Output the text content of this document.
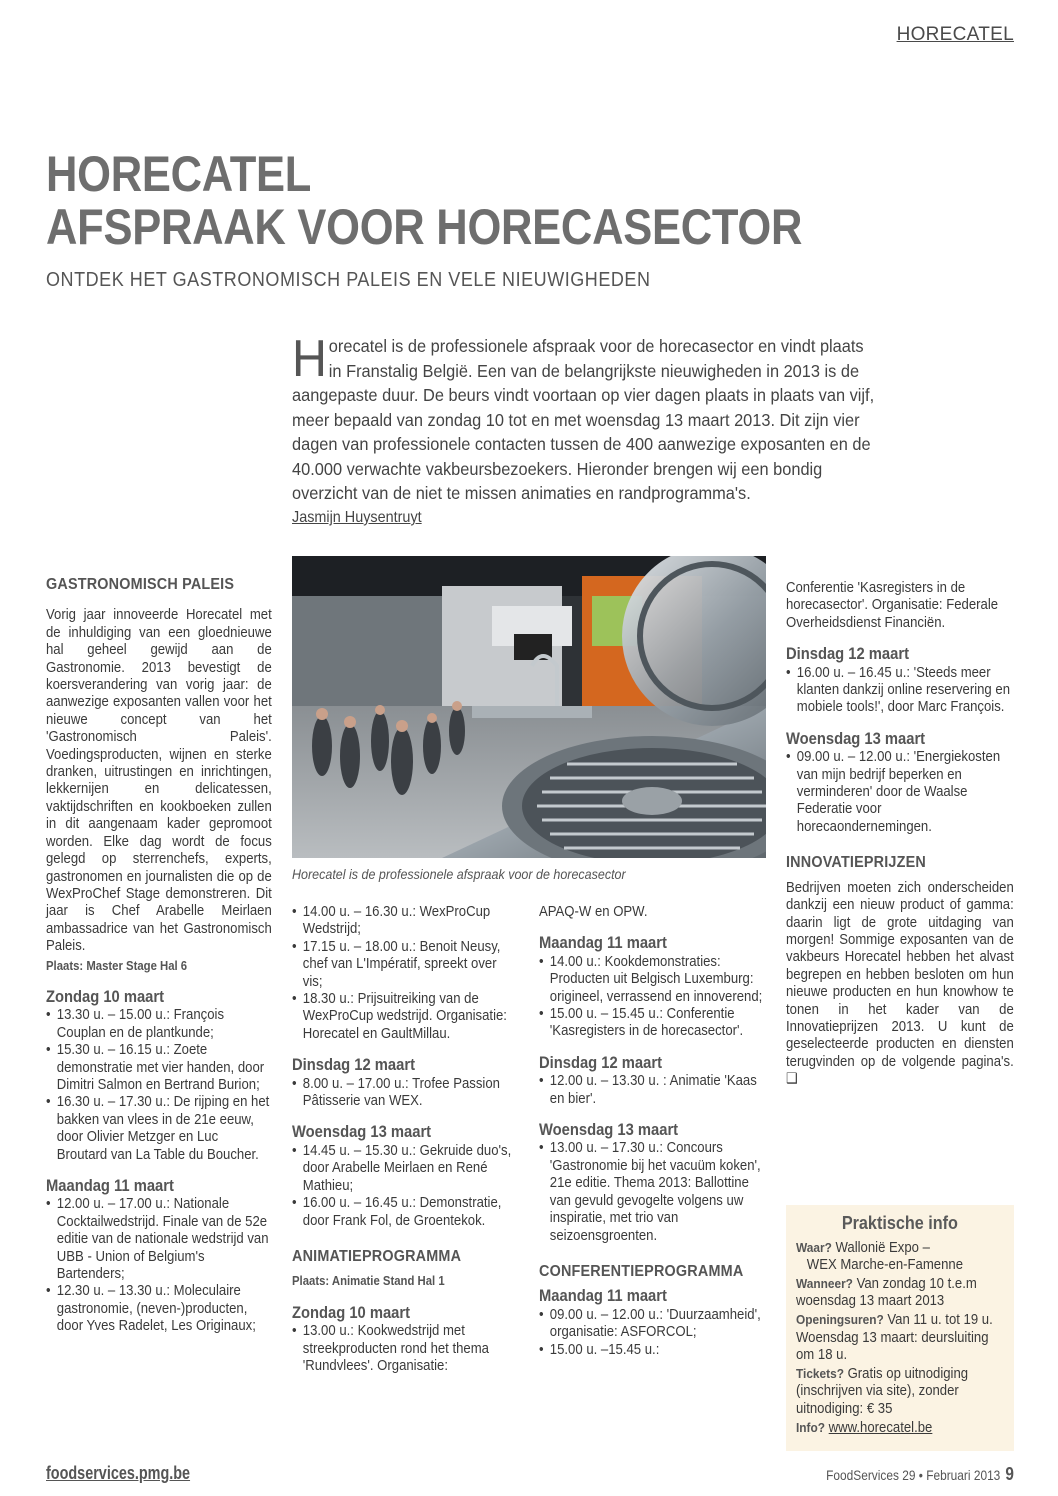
HORECATEL
HORECATEL
AFSPRAAK VOOR HORECASECTOR
ONTDEK HET GASTRONOMISCH PALEIS EN VELE NIEUWIGHEDEN

Horecatel is de professionele afspraak voor de horecasector en vindt plaats in Franstalig België. Een van de belangrijkste nieuwigheden in 2013 is de aangepaste duur. De beurs vindt voortaan op vier dagen plaats in plaats van vijf, meer bepaald van zondag 10 tot en met woensdag 13 maart 2013. Dit zijn vier dagen van professionele contacten tussen de 400 aanwezige exposanten en de 40.000 verwachte vakbeursbezoekers. Hieronder brengen wij een bondig overzicht van de niet te missen animaties en randprogramma's.

Jasmijn Huysentruyt
GASTRONOMISCH PALEIS

Vorig jaar innoveerde Horecatel met de inhuldiging van een gloednieuwe hal geheel gewijd aan de Gastronomie. 2013 bevestigt de koersverandering van vorig jaar: de aanwezige exposanten vallen voor het nieuwe concept van het 'Gastronomisch Paleis'. Voedingsproducten, wijnen en sterke dranken, uitrustingen en inrichtingen, lekkernijen en delicatessen, vaktijdschriften en kookboeken zullen in dit aangenaam kader gepromoot worden. Elke dag wordt de focus gelegd op sterrenchefs, experts, gastronomen en journalisten die op de WexProChef Stage demonstreren. Dit jaar is Chef Arabelle Meirlaen ambassadrice van het Gastronomisch Paleis.

Plaats: Master Stage Hal 6

Zondag 10 maart
• 13.30 u. – 15.00 u.: François Couplan en de plantkunde;
• 15.30 u. – 16.15 u.: Zoete demonstratie met vier handen, door Dimitri Salmon en Bertrand Burion;
• 16.30 u. – 17.30 u.: De rijping en het bakken van vlees in de 21e eeuw, door Olivier Metzger en Luc Broutard van La Table du Boucher.
Maandag 11 maart
• 12.00 u. – 17.00 u.: Nationale Cocktailwedstrijd. Finale van de 52e editie van de nationale wedstrijd van UBB - Union of Belgium's Bartenders;
• 12.30 u. – 13.30 u.: Moleculaire gastronomie, (neven-)producten, door Yves Radelet, Les Originaux;
Horecatel is de professionele afspraak voor de horecasector
• 14.00 u. – 16.30 u.: WexProCup Wedstrijd;
• 17.15 u. – 18.00 u.: Benoit Neusy, chef van L'Impératif, spreekt over vis;
• 18.30 u.: Prijsuitreiking van de WexProCup wedstrijd. Organisatie: Horecatel en GaultMillau.
Dinsdag 12 maart
• 8.00 u. – 17.00 u.: Trofee Passion Pâtisserie van WEX.
Woensdag 13 maart
• 14.45 u. – 15.30 u.: Gekruide duo's, door Arabelle Meirlaen en René Mathieu;
• 16.00 u. – 16.45 u.: Demonstratie, door Frank Fol, de Groentekok.
ANIMATIEPROGRAMMA

Plaats: Animatie Stand Hal 1

Zondag 10 maart
• 13.00 u.: Kookwedstrijd met streekproducten rond het thema 'Rundvlees'. Organisatie:

APAQ-W en OPW.

Maandag 11 maart
• 14.00 u.: Kookdemonstraties: Producten uit Belgisch Luxemburg: origineel, verrassend en innoverend;
• 15.00 u. – 15.45 u.: Conferentie 'Kasregisters in de horecasector'.
Dinsdag 12 maart
• 12.00 u. – 13.30 u. : Animatie 'Kaas en bier'.
Woensdag 13 maart
• 13.00 u. – 17.30 u.: Concours 'Gastronomie bij het vacuüm koken', 21e editie. Thema 2013: Ballottine van gevuld gevogelte volgens uw inspiratie, met trio van seizoensgroenten.
CONFERENTIEPROGRAMMA
Maandag 11 maart
• 09.00 u. – 12.00 u.: 'Duurzaamheid', organisatie: ASFORCOL;
• 15.00 u. –15.45 u.:

Conferentie 'Kasregisters in de horecasector'. Organisatie: Federale Overheidsdienst Financiën.

Dinsdag 12 maart
• 16.00 u. – 16.45 u.: 'Steeds meer klanten dankzij online reservering en mobiele tools!', door Marc François.
Woensdag 13 maart
• 09.00 u. – 12.00 u.: 'Energiekosten van mijn bedrijf beperken en verminderen' door de Waalse Federatie voor horecaondernemingen.
INNOVATIEPRIJZEN

Bedrijven moeten zich onderscheiden dankzij een nieuw product of gamma: daarin ligt de grote uitdaging van morgen! Sommige exposanten van de vakbeurs Horecatel hebben het alvast begrepen en hebben besloten om hun nieuwe producten en hun knowhow te tonen in het kader van de Innovatieprijzen 2013. U kunt de geselecteerde producten en diensten terugvinden op de volgende pagina's. ❑

Praktische info

Waar? Wallonië Expo –

WEX Marche-en-Famenne

Wanneer? Van zondag 10 t.e.m woensdag 13 maart 2013

Openingsuren? Van 11 u. tot 19 u. Woensdag 13 maart: deursluiting om 18 u.

Tickets? Gratis op uitnodiging (inschrijven via site), zonder uitnodiging: € 35

Info? www.horecatel.be

foodservices.pmg.be	FoodServices 29 • Februari 2013 9
